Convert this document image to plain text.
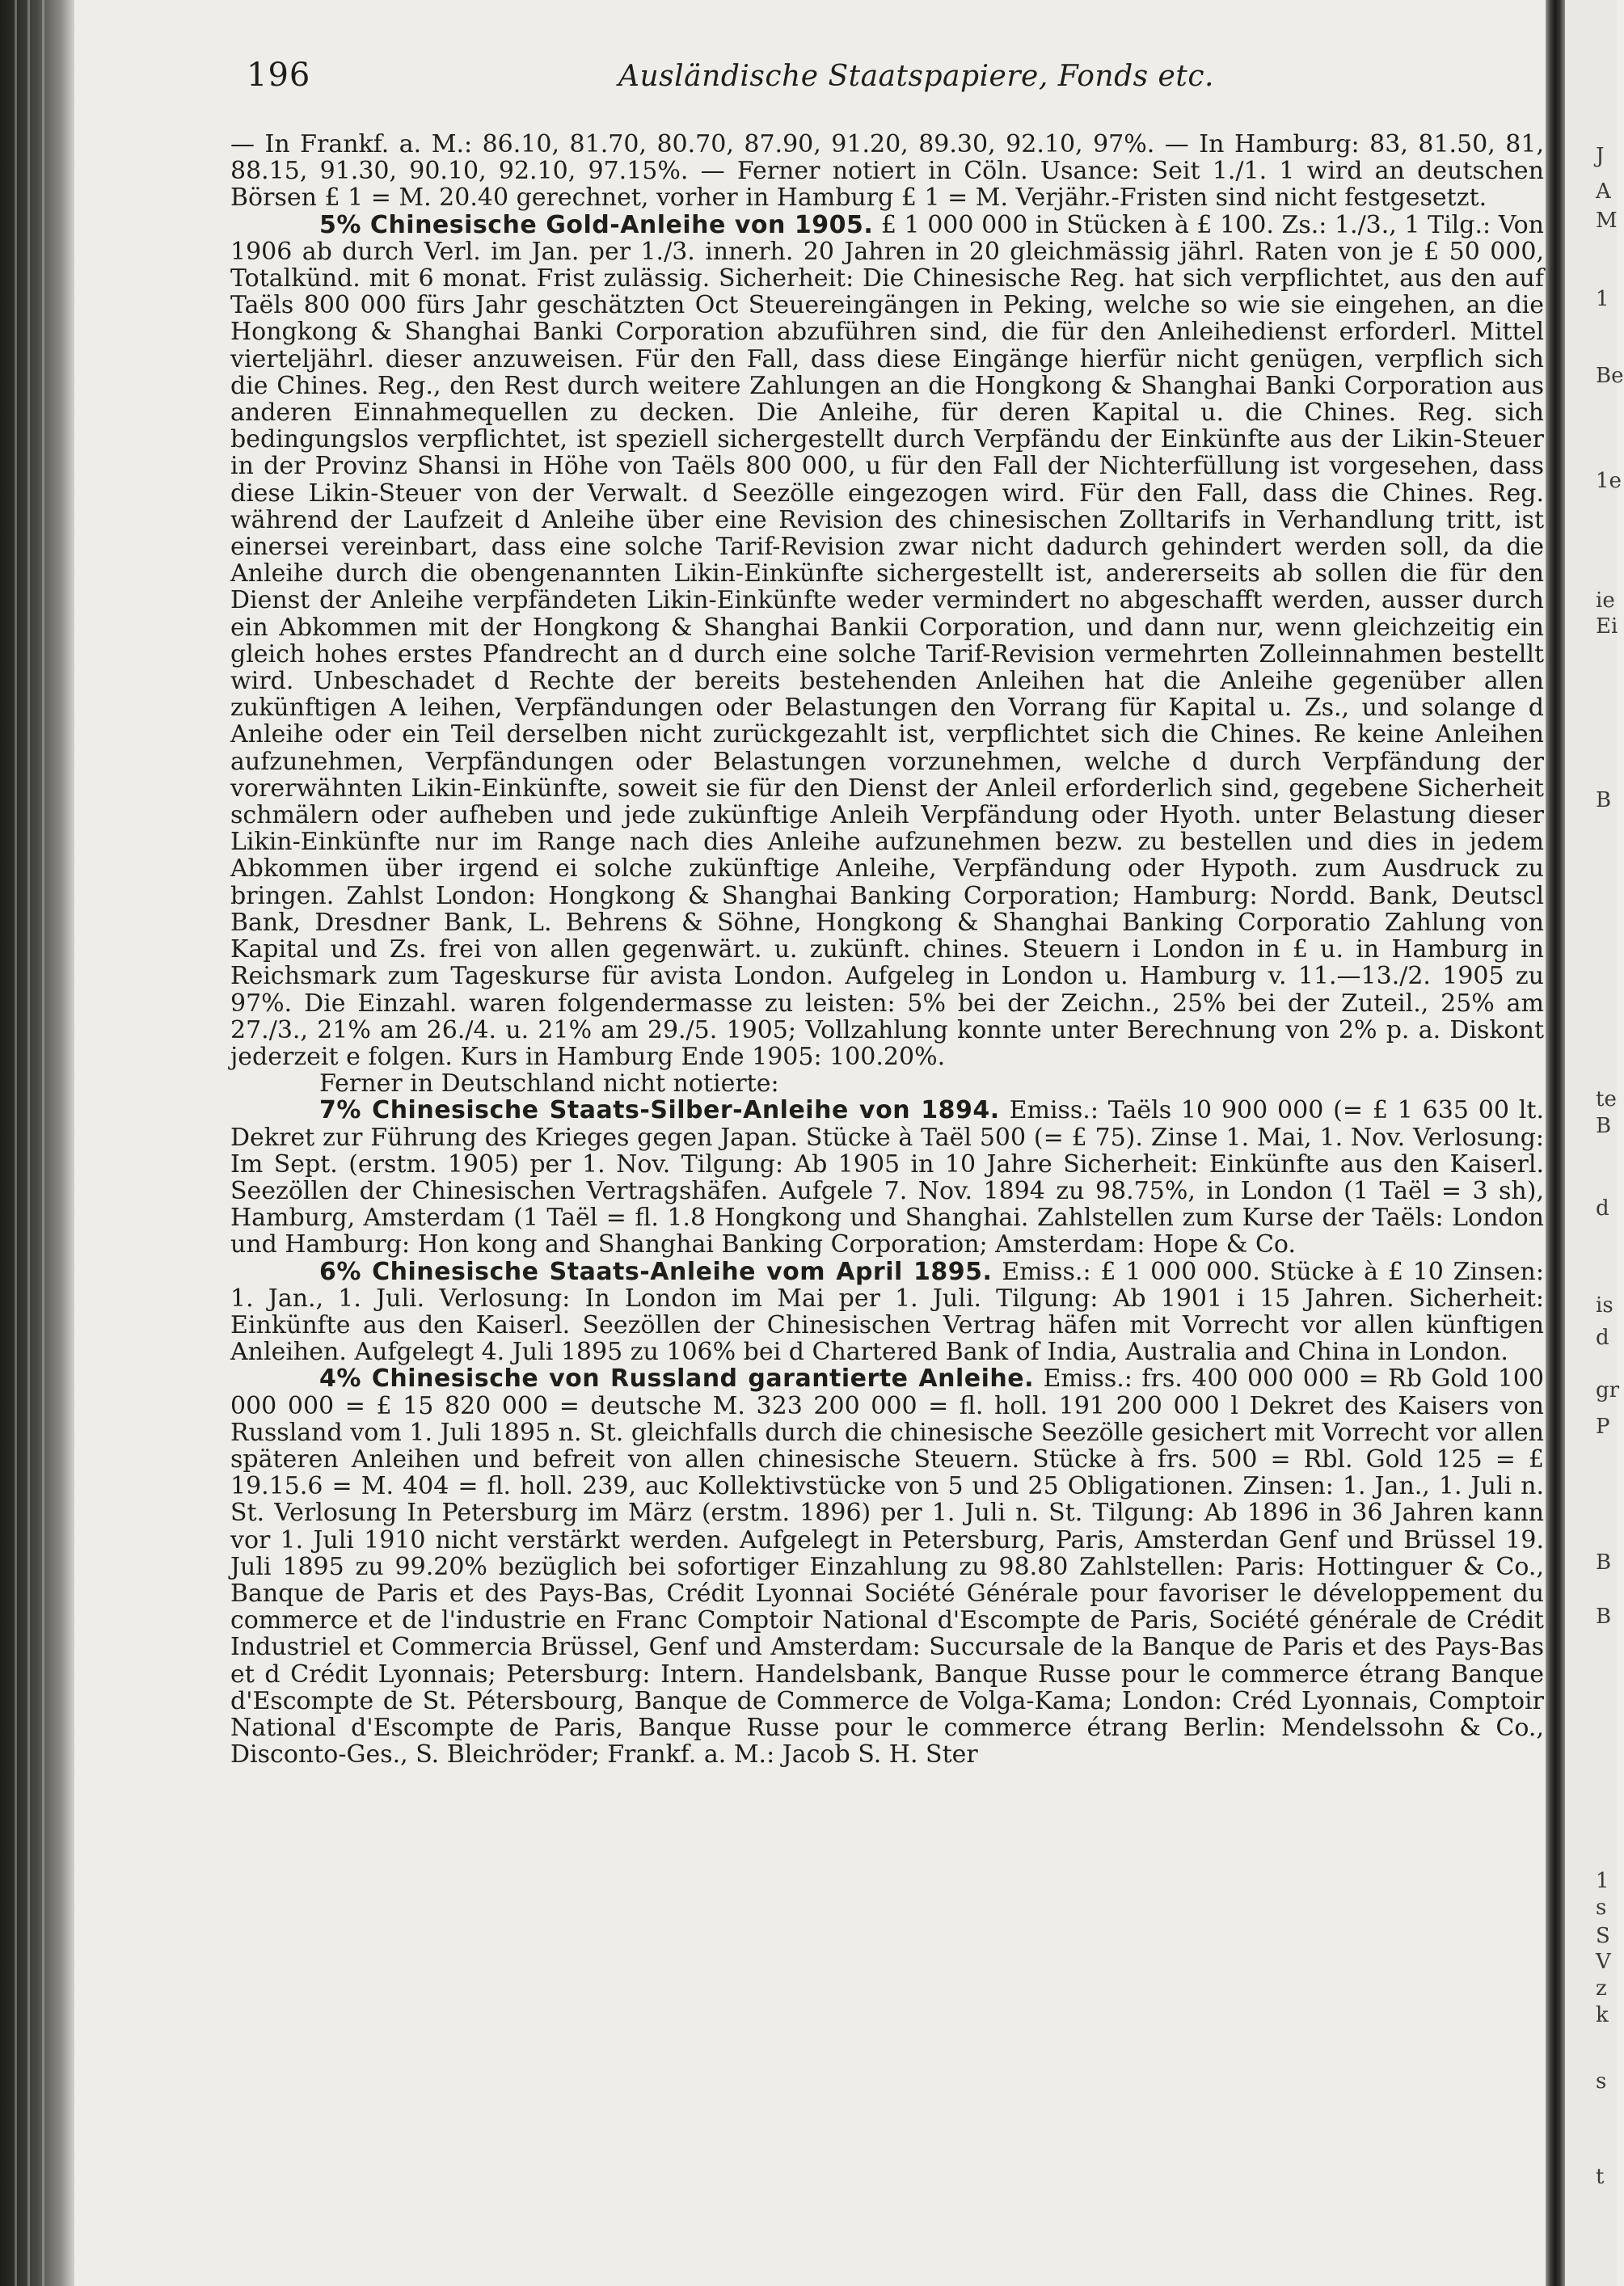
196	Ausländische Staatspapiere, Fonds etc.

— In Frankf. a. M.: 86.10, 81.70, 80.70, 87.90, 91.20, 89.30, 92.10, 97%. — In Hamburg: 83, 81.50, 81, 88.15, 91.30, 90.10, 92.10, 97.15%. — Ferner notiert in Cöln. Usance: Seit 1./1. 1 wird an deutschen Börsen £ 1 = M. 20.40 gerechnet, vorher in Hamburg £ 1 = M. Verjähr.-Fristen sind nicht festgesetzt.

5% Chinesische Gold-Anleihe von 1905. £ 1 000 000 in Stücken à £ 100. Zs.: 1./3., 1 Tilg.: Von 1906 ab durch Verl. im Jan. per 1./3. innerh. 20 Jahren in 20 gleichmässig jährl. Raten von je £ 50 000, Totalkünd. mit 6 monat. Frist zulässig. Sicherheit: Die Chinesische Reg. hat sich verpflichtet, aus den auf Taëls 800 000 fürs Jahr geschätzten Oct Steuereingängen in Peking, welche so wie sie eingehen, an die Hongkong & Shanghai Banki Corporation abzuführen sind, die für den Anleihedienst erforderl. Mittel vierteljährl. dieser anzuweisen. Für den Fall, dass diese Eingänge hierfür nicht genügen, verpflich sich die Chines. Reg., den Rest durch weitere Zahlungen an die Hongkong & Shanghai Banki Corporation aus anderen Einnahmequellen zu decken. Die Anleihe, für deren Kapital u. die Chines. Reg. sich bedingungslos verpflichtet, ist speziell sichergestellt durch Verpfändu der Einkünfte aus der Likin-Steuer in der Provinz Shansi in Höhe von Taëls 800 000, u für den Fall der Nichterfüllung ist vorgesehen, dass diese Likin-Steuer von der Verwalt. d Seezölle eingezogen wird. Für den Fall, dass die Chines. Reg. während der Laufzeit d Anleihe über eine Revision des chinesischen Zolltarifs in Verhandlung tritt, ist einersei vereinbart, dass eine solche Tarif-Revision zwar nicht dadurch gehindert werden soll, da die Anleihe durch die obengenannten Likin-Einkünfte sichergestellt ist, andererseits ab sollen die für den Dienst der Anleihe verpfändeten Likin-Einkünfte weder vermindert no abgeschafft werden, ausser durch ein Abkommen mit der Hongkong & Shanghai Bankii Corporation, und dann nur, wenn gleichzeitig ein gleich hohes erstes Pfandrecht an d durch eine solche Tarif-Revision vermehrten Zolleinnahmen bestellt wird. Unbeschadet d Rechte der bereits bestehenden Anleihen hat die Anleihe gegenüber allen zukünftigen A leihen, Verpfändungen oder Belastungen den Vorrang für Kapital u. Zs., und solange d Anleihe oder ein Teil derselben nicht zurückgezahlt ist, verpflichtet sich die Chines. Re keine Anleihen aufzunehmen, Verpfändungen oder Belastungen vorzunehmen, welche d durch Verpfändung der vorerwähnten Likin-Einkünfte, soweit sie für den Dienst der Anleil erforderlich sind, gegebene Sicherheit schmälern oder aufheben und jede zukünftige Anleih Verpfändung oder Hyoth. unter Belastung dieser Likin-Einkünfte nur im Range nach dies Anleihe aufzunehmen bezw. zu bestellen und dies in jedem Abkommen über irgend ei solche zukünftige Anleihe, Verpfändung oder Hypoth. zum Ausdruck zu bringen. Zahlst London: Hongkong & Shanghai Banking Corporation; Hamburg: Nordd. Bank, Deutscl Bank, Dresdner Bank, L. Behrens & Söhne, Hongkong & Shanghai Banking Corporatio Zahlung von Kapital und Zs. frei von allen gegenwärt. u. zukünft. chines. Steuern i London in £ u. in Hamburg in Reichsmark zum Tageskurse für avista London. Aufgeleg in London u. Hamburg v. 11.—13./2. 1905 zu 97%. Die Einzahl. waren folgendermasse zu leisten: 5% bei der Zeichn., 25% bei der Zuteil., 25% am 27./3., 21% am 26./4. u. 21% am 29./5. 1905; Vollzahlung konnte unter Berechnung von 2% p. a. Diskont jederzeit e folgen. Kurs in Hamburg Ende 1905: 100.20%.

Ferner in Deutschland nicht notierte:

7% Chinesische Staats-Silber-Anleihe von 1894. Emiss.: Taëls 10 900 000 (= £ 1 635 00 lt. Dekret zur Führung des Krieges gegen Japan. Stücke à Taël 500 (= £ 75). Zinse 1. Mai, 1. Nov. Verlosung: Im Sept. (erstm. 1905) per 1. Nov. Tilgung: Ab 1905 in 10 Jahre Sicherheit: Einkünfte aus den Kaiserl. Seezöllen der Chinesischen Vertragshäfen. Aufgele 7. Nov. 1894 zu 98.75%, in London (1 Taël = 3 sh), Hamburg, Amsterdam (1 Taël = fl. 1.8 Hongkong und Shanghai. Zahlstellen zum Kurse der Taëls: London und Hamburg: Hon kong and Shanghai Banking Corporation; Amsterdam: Hope & Co.

6% Chinesische Staats-Anleihe vom April 1895. Emiss.: £ 1 000 000. Stücke à £ 10 Zinsen: 1. Jan., 1. Juli. Verlosung: In London im Mai per 1. Juli. Tilgung: Ab 1901 i 15 Jahren. Sicherheit: Einkünfte aus den Kaiserl. Seezöllen der Chinesischen Vertrag häfen mit Vorrecht vor allen künftigen Anleihen. Aufgelegt 4. Juli 1895 zu 106% bei d Chartered Bank of India, Australia and China in London.

4% Chinesische von Russland garantierte Anleihe. Emiss.: frs. 400 000 000 = Rb Gold 100 000 000 = £ 15 820 000 = deutsche M. 323 200 000 = fl. holl. 191 200 000 l Dekret des Kaisers von Russland vom 1. Juli 1895 n. St. gleichfalls durch die chinesische Seezölle gesichert mit Vorrecht vor allen späteren Anleihen und befreit von allen chinesische Steuern. Stücke à frs. 500 = Rbl. Gold 125 = £ 19.15.6 = M. 404 = fl. holl. 239, auc Kollektivstücke von 5 und 25 Obligationen. Zinsen: 1. Jan., 1. Juli n. St. Verlosung In Petersburg im März (erstm. 1896) per 1. Juli n. St. Tilgung: Ab 1896 in 36 Jahren kann vor 1. Juli 1910 nicht verstärkt werden. Aufgelegt in Petersburg, Paris, Amsterdan Genf und Brüssel 19. Juli 1895 zu 99.20% bezüglich bei sofortiger Einzahlung zu 98.80 Zahlstellen: Paris: Hottinguer & Co., Banque de Paris et des Pays-Bas, Crédit Lyonnai Société Générale pour favoriser le développement du commerce et de l'industrie en Franc Comptoir National d'Escompte de Paris, Société générale de Crédit Industriel et Commercia Brüssel, Genf und Amsterdam: Succursale de la Banque de Paris et des Pays-Bas et d Crédit Lyonnais; Petersburg: Intern. Handelsbank, Banque Russe pour le commerce étrang Banque d'Escompte de St. Pétersbourg, Banque de Commerce de Volga-Kama; London: Créd Lyonnais, Comptoir National d'Escompte de Paris, Banque Russe pour le commerce étrang Berlin: Mendelssohn & Co., Disconto-Ges., S. Bleichröder; Frankf. a. M.: Jacob S. H. Ster

J
A
M
1
Be
1e
ie
Ei
B
te
B
d
is
d
gr
P
B
B
1
s
S
V
z
k
s
t
